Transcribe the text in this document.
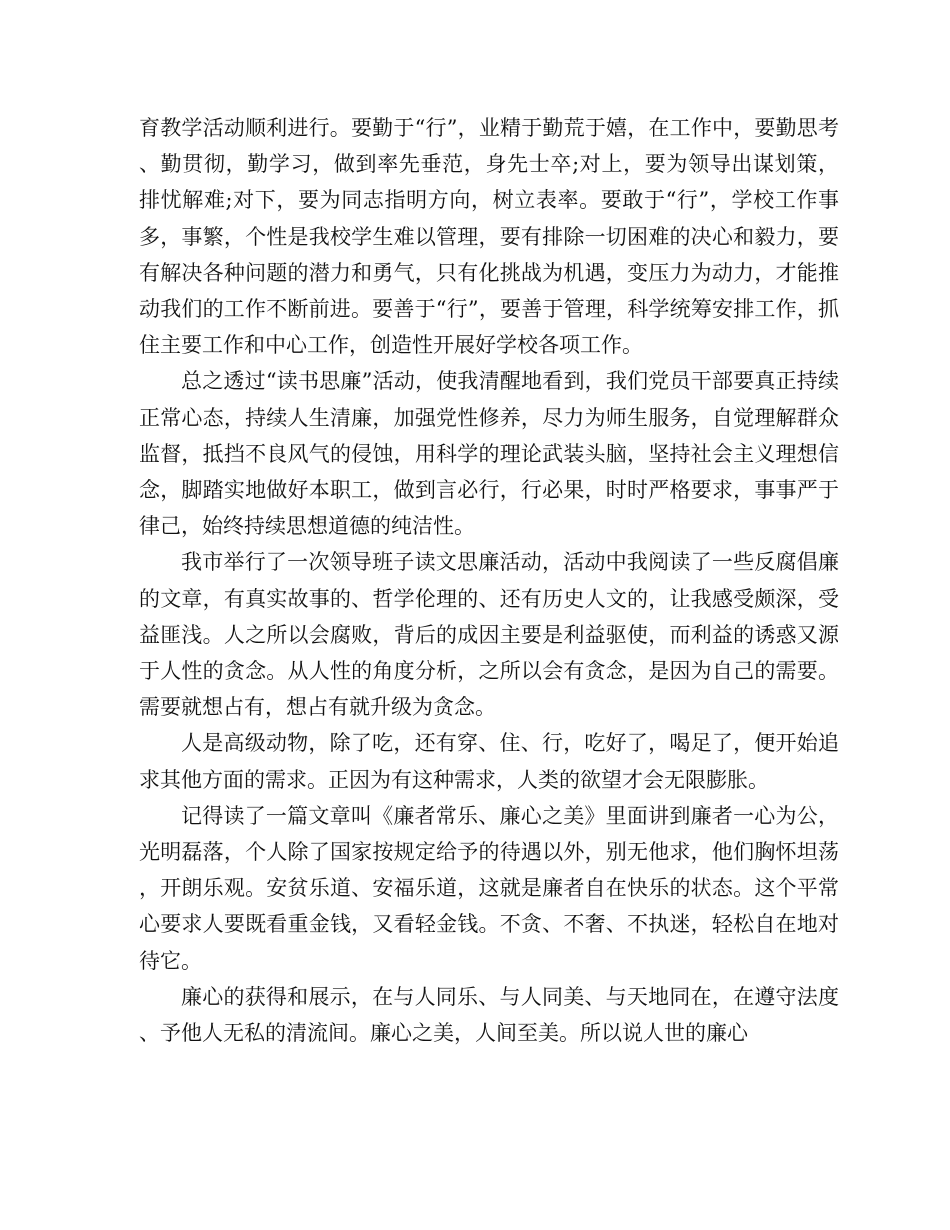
育教学活动顺利进行。要勤于“行”，业精于勤荒于嬉，在工作中，要勤思考、勤贯彻，勤学习，做到率先垂范，身先士卒;对上，要为领导出谋划策，排忧解难;对下，要为同志指明方向，树立表率。要敢于“行”，学校工作事多，事繁，个性是我校学生难以管理，要有排除一切困难的决心和毅力，要有解决各种问题的潜力和勇气，只有化挑战为机遇，变压力为动力，才能推动我们的工作不断前进。要善于“行”，要善于管理，科学统筹安排工作，抓住主要工作和中心工作，创造性开展好学校各项工作。

总之透过“读书思廉”活动，使我清醒地看到，我们党员干部要真正持续正常心态，持续人生清廉，加强党性修养，尽力为师生服务，自觉理解群众监督，抵挡不良风气的侵蚀，用科学的理论武装头脑，坚持社会主义理想信念，脚踏实地做好本职工，做到言必行，行必果，时时严格要求，事事严于律己，始终持续思想道德的纯洁性。

我市举行了一次领导班子读文思廉活动，活动中我阅读了一些反腐倡廉的文章，有真实故事的、哲学伦理的、还有历史人文的，让我感受颇深，受益匪浅。人之所以会腐败，背后的成因主要是利益驱使，而利益的诱惑又源于人性的贪念。从人性的角度分析，之所以会有贪念，是因为自己的需要。需要就想占有，想占有就升级为贪念。

人是高级动物，除了吃，还有穿、住、行，吃好了，喝足了，便开始追求其他方面的需求。正因为有这种需求，人类的欲望才会无限膨胀。

记得读了一篇文章叫《廉者常乐、廉心之美》里面讲到廉者一心为公，光明磊落，个人除了国家按规定给予的待遇以外，别无他求，他们胸怀坦荡，开朗乐观。安贫乐道、安福乐道，这就是廉者自在快乐的状态。这个平常心要求人要既看重金钱，又看轻金钱。不贪、不奢、不执迷，轻松自在地对待它。

廉心的获得和展示，在与人同乐、与人同美、与天地同在，在遵守法度、予他人无私的清流间。廉心之美，人间至美。所以说人世的廉心
